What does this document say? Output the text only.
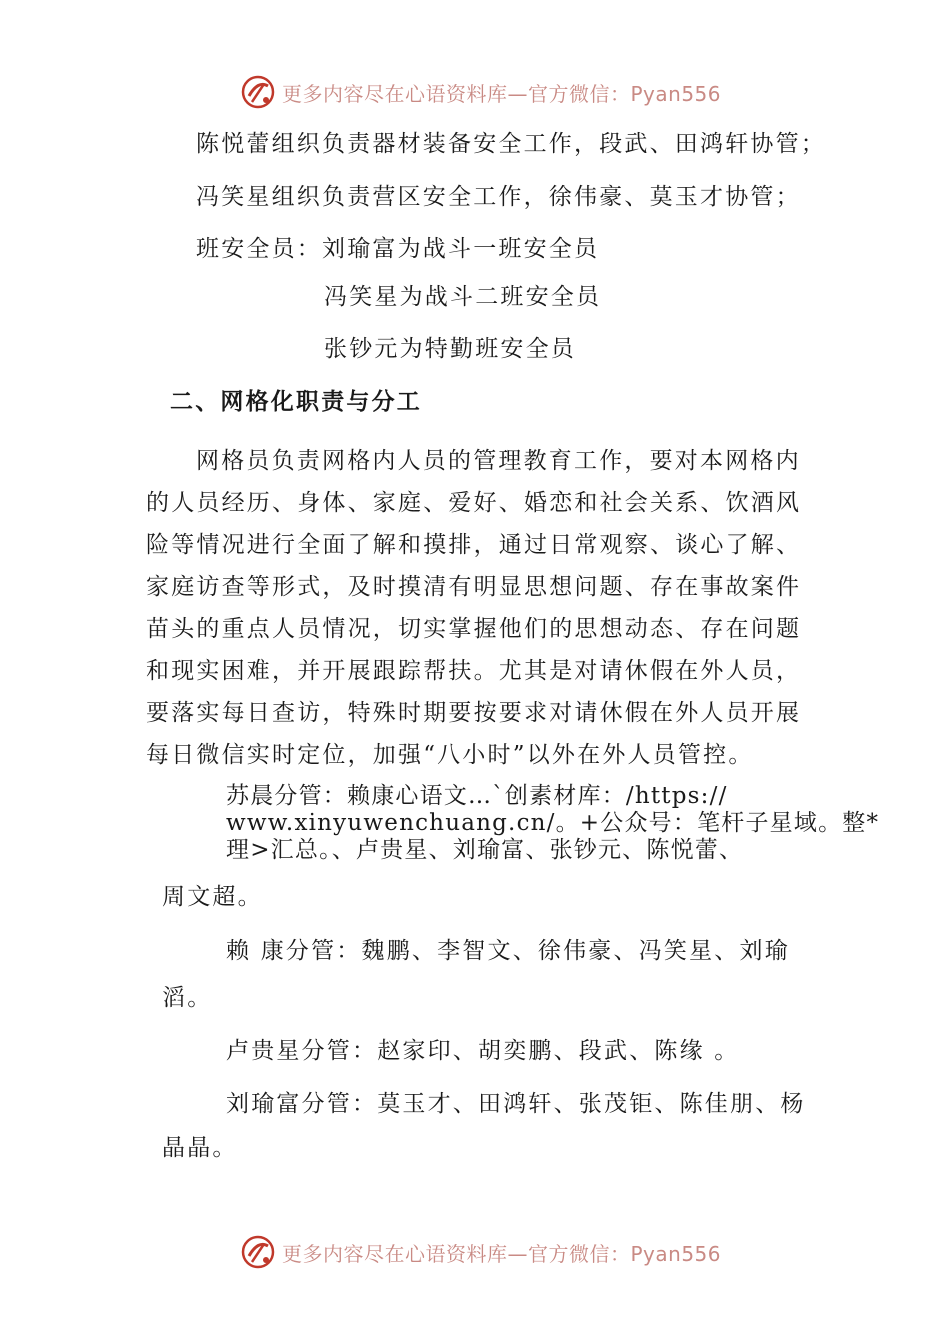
更多内容尽在心语资料库—官方微信：Pyan556
陈悦蕾组织负责器材装备安全工作，段武、田鸿轩协管；
冯笑星组织负责营区安全工作，徐伟豪、莫玉才协管；
班安全员：刘瑜富为战斗一班安全员
冯笑星为战斗二班安全员
张钞元为特勤班安全员
二、网格化职责与分工
网格员负责网格内人员的管理教育工作，要对本网格内
的人员经历、身体、家庭、爱好、婚恋和社会关系、饮酒风
险等情况进行全面了解和摸排，通过日常观察、谈心了解、
家庭访查等形式，及时摸清有明显思想问题、存在事故案件
苗头的重点人员情况，切实掌握他们的思想动态、存在问题
和现实困难，并开展跟踪帮扶。尤其是对请休假在外人员，
要落实每日查访，特殊时期要按要求对请休假在外人员开展
每日微信实时定位，加强“八小时”以外在外人员管控。
苏晨分管：赖康心语文…`创素材库：/https://
www.xinyuwenchuang.cn/。+公众号：笔杆子星域。整*
理>汇总。、卢贵星、刘瑜富、张钞元、陈悦蕾、
周文超。
赖 康分管：魏鹏、李智文、徐伟豪、冯笑星、刘瑜
滔。
卢贵星分管：赵家印、胡奕鹏、段武、陈缘 。
刘瑜富分管：莫玉才、田鸿轩、张茂钜、陈佳朋、杨
晶晶。
更多内容尽在心语资料库—官方微信：Pyan556
